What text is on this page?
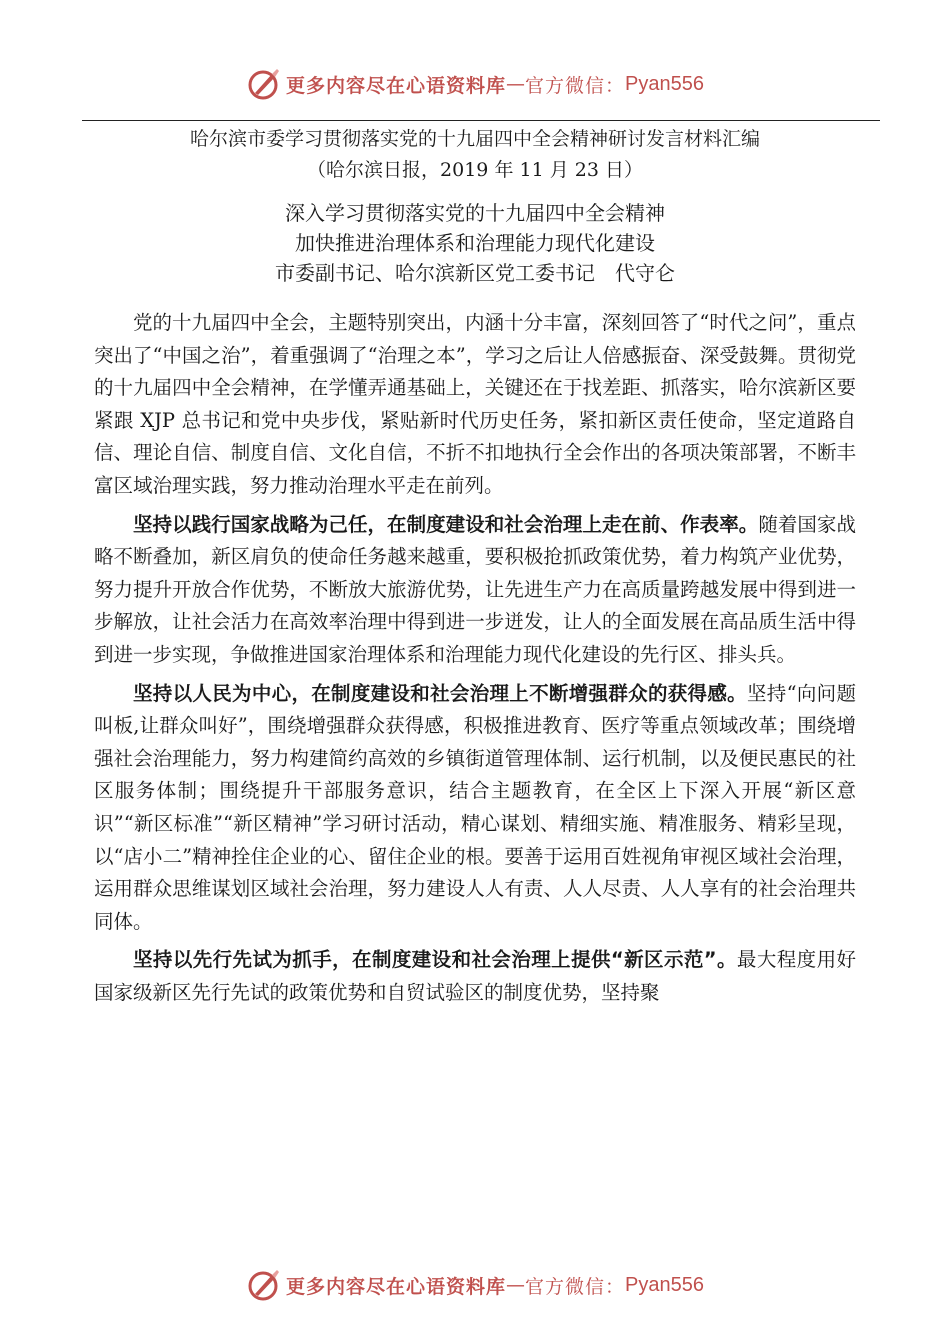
更多内容尽在心语资料库 — 官方微信： Pyan556
哈尔滨市委学习贯彻落实党的十九届四中全会精神研讨发言材料汇编
（哈尔滨日报，2019 年 11 月 23 日）
深入学习贯彻落实党的十九届四中全会精神
加快推进治理体系和治理能力现代化建设
市委副书记、哈尔滨新区党工委书记　代守仑

党的十九届四中全会，主题特别突出，内涵十分丰富，深刻回答了“时代之问”，重点突出了“中国之治”，着重强调了“治理之本”，学习之后让人倍感振奋、深受鼓舞。贯彻党的十九届四中全会精神，在学懂弄通基础上，关键还在于找差距、抓落实，哈尔滨新区要紧跟 XJP 总书记和党中央步伐，紧贴新时代历史任务，紧扣新区责任使命，坚定道路自信、理论自信、制度自信、文化自信，不折不扣地执行全会作出的各项决策部署，不断丰富区域治理实践，努力推动治理水平走在前列。

坚持以践行国家战略为己任，在制度建设和社会治理上走在前、作表率。随着国家战略不断叠加，新区肩负的使命任务越来越重，要积极抢抓政策优势，着力构筑产业优势，努力提升开放合作优势，不断放大旅游优势，让先进生产力在高质量跨越发展中得到进一步解放，让社会活力在高效率治理中得到进一步迸发，让人的全面发展在高品质生活中得到进一步实现，争做推进国家治理体系和治理能力现代化建设的先行区、排头兵。

坚持以人民为中心，在制度建设和社会治理上不断增强群众的获得感。坚持“向问题叫板,让群众叫好”，围绕增强群众获得感，积极推进教育、医疗等重点领域改革；围绕增强社会治理能力，努力构建简约高效的乡镇街道管理体制、运行机制，以及便民惠民的社区服务体制；围绕提升干部服务意识，结合主题教育，在全区上下深入开展“新区意识”“新区标准”“新区精神”学习研讨活动，精心谋划、精细实施、精准服务、精彩呈现，以“店小二”精神拴住企业的心、留住企业的根。要善于运用百姓视角审视区域社会治理，运用群众思维谋划区域社会治理，努力建设人人有责、人人尽责、人人享有的社会治理共同体。

坚持以先行先试为抓手，在制度建设和社会治理上提供“新区示范”。最大程度用好国家级新区先行先试的政策优势和自贸试验区的制度优势，坚持聚

更多内容尽在心语资料库 — 官方微信： Pyan556
